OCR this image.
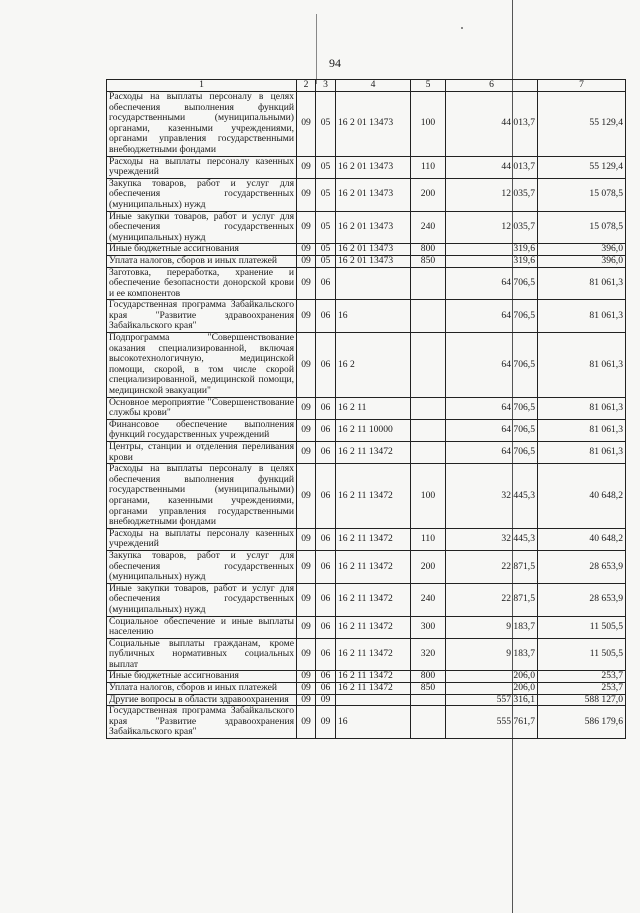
94
1	2	3	4	5	6	7
Расходы на выплаты персоналу в целях обеспечения выполнения функций государственными (муниципальными) органами, казенными учреждениями, органами управления государственными внебюджетными фондами	09	05	16 2 01 13473	100	44 013,7	55 129,4
Расходы на выплаты персоналу казенных учреждений	09	05	16 2 01 13473	110	44 013,7	55 129,4
Закупка товаров, работ и услуг для обеспечения государственных (муниципальных) нужд	09	05	16 2 01 13473	200	12 035,7	15 078,5
Иные закупки товаров, работ и услуг для обеспечения государственных (муниципальных) нужд	09	05	16 2 01 13473	240	12 035,7	15 078,5
Иные бюджетные ассигнования	09	05	16 2 01 13473	800	319,6	396,0
Уплата налогов, сборов и иных платежей	09	05	16 2 01 13473	850	319,6	396,0
Заготовка, переработка, хранение и обеспечение безопасности донорской крови и ее компонентов	09	06			64 706,5	81 061,3
Государственная программа Забайкальского края "Развитие здравоохранения Забайкальского края"	09	06	16		64 706,5	81 061,3
Подпрограмма "Совершенствование оказания специализированной, включая высокотехнологичную, медицинской помощи, скорой, в том числе скорой специализированной, медицинской помощи, медицинской эвакуации"	09	06	16 2		64 706,5	81 061,3
Основное мероприятие "Совершенствование службы крови"	09	06	16 2 11		64 706,5	81 061,3
Финансовое обеспечение выполнения функций государственных учреждений	09	06	16 2 11 10000		64 706,5	81 061,3
Центры, станции и отделения переливания крови	09	06	16 2 11 13472		64 706,5	81 061,3
Расходы на выплаты персоналу в целях обеспечения выполнения функций государственными (муниципальными) органами, казенными учреждениями, органами управления государственными внебюджетными фондами	09	06	16 2 11 13472	100	32 445,3	40 648,2
Расходы на выплаты персоналу казенных учреждений	09	06	16 2 11 13472	110	32 445,3	40 648,2
Закупка товаров, работ и услуг для обеспечения государственных (муниципальных) нужд	09	06	16 2 11 13472	200	22 871,5	28 653,9
Иные закупки товаров, работ и услуг для обеспечения государственных (муниципальных) нужд	09	06	16 2 11 13472	240	22 871,5	28 653,9
Социальное обеспечение и иные выплаты населению	09	06	16 2 11 13472	300	9 183,7	11 505,5
Социальные выплаты гражданам, кроме публичных нормативных социальных выплат	09	06	16 2 11 13472	320	9 183,7	11 505,5
Иные бюджетные ассигнования	09	06	16 2 11 13472	800	206,0	253,7
Уплата налогов, сборов и иных платежей	09	06	16 2 11 13472	850	206,0	253,7
Другие вопросы в области здравоохранения	09	09			557 316,1	588 127,0
Государственная программа Забайкальского края "Развитие здравоохранения Забайкальского края"	09	09	16		555 761,7	586 179,6
